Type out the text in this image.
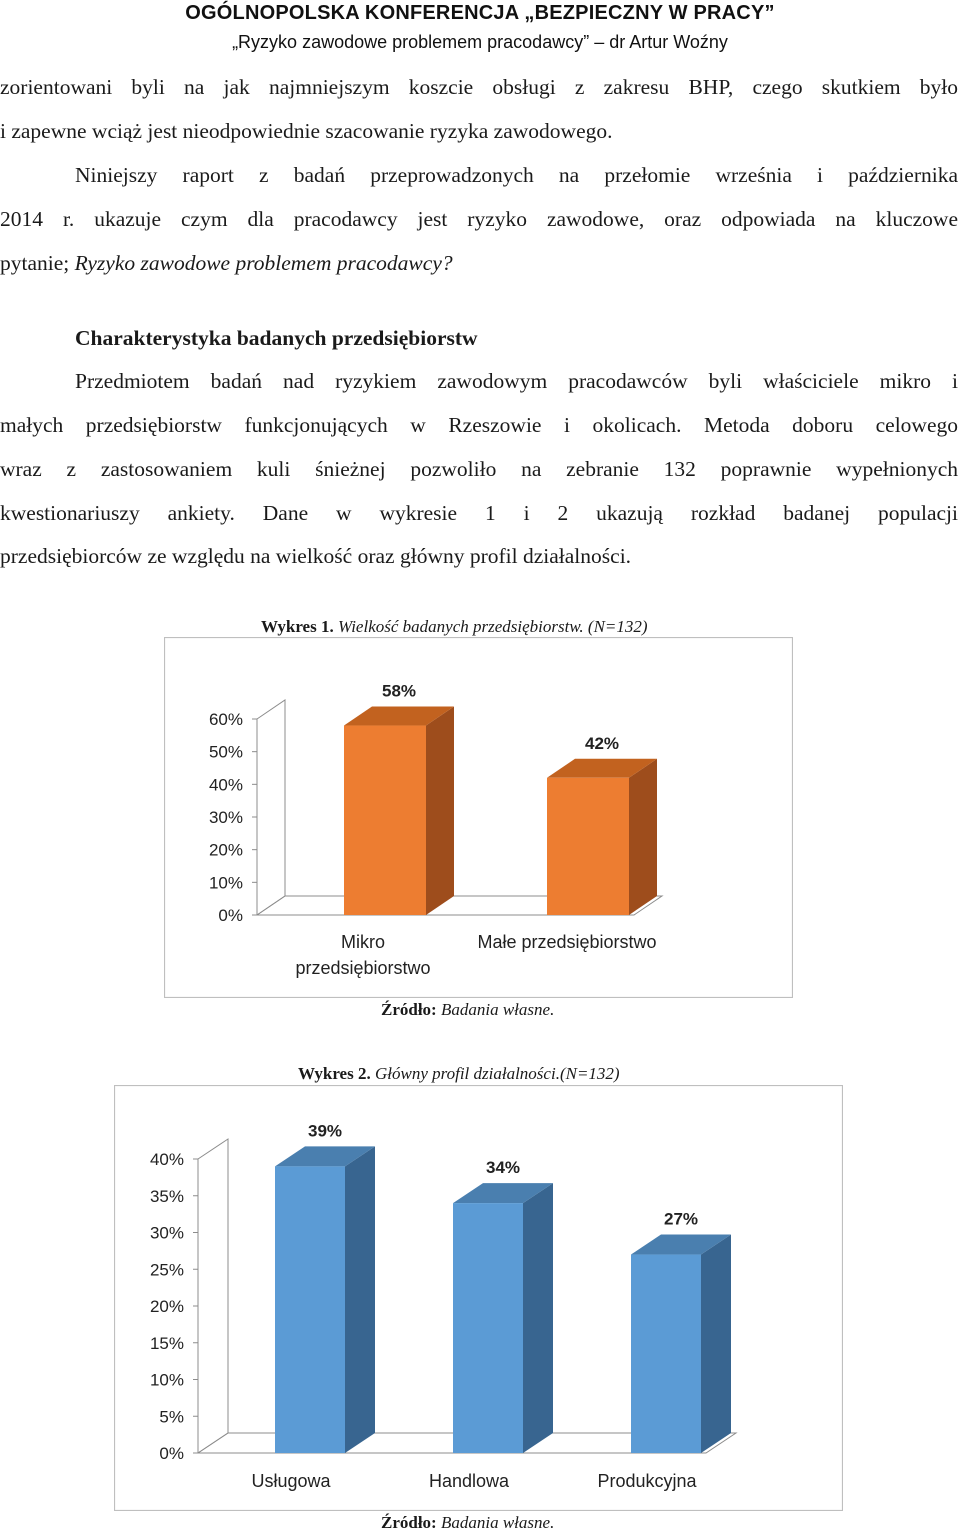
OGÓLNOPOLSKA KONFERENCJA „BEZPIECZNY W PRACY”
„Ryzyko zawodowe problemem pracodawcy” – dr Artur Woźny
zorientowani byli na jak najmniejszym koszcie obsługi z zakresu BHP, czego skutkiem było
i zapewne wciąż jest nieodpowiednie szacowanie ryzyka zawodowego.
Niniejszy raport z badań przeprowadzonych na przełomie września i października
2014 r. ukazuje czym dla pracodawcy jest ryzyko zawodowe, oraz odpowiada na kluczowe
pytanie; Ryzyko zawodowe problemem pracodawcy?
Charakterystyka badanych przedsiębiorstw
Przedmiotem badań nad ryzykiem zawodowym pracodawców byli właściciele mikro i
małych przedsiębiorstw funkcjonujących w Rzeszowie i okolicach. Metoda doboru celowego
wraz z zastosowaniem kuli śnieżnej pozwoliło na zebranie 132 poprawnie wypełnionych
kwestionariuszy ankiety. Dane w wykresie 1 i 2 ukazują rozkład badanej populacji
przedsiębiorców ze względu na wielkość oraz główny profil działalności.
Wykres 1. Wielkość badanych przedsiębiorstw. (N=132)
0%
10%
20%
30%
40%
50%
60%
58%
Mikro
przedsiębiorstwo
42%
Małe przedsiębiorstwo
Źródło: Badania własne.
Wykres 2. Główny profil działalności.(N=132)
0%
5%
10%
15%
20%
25%
30%
35%
40%
39%
Usługowa
34%
Handlowa
27%
Produkcyjna
Źródło: Badania własne.
